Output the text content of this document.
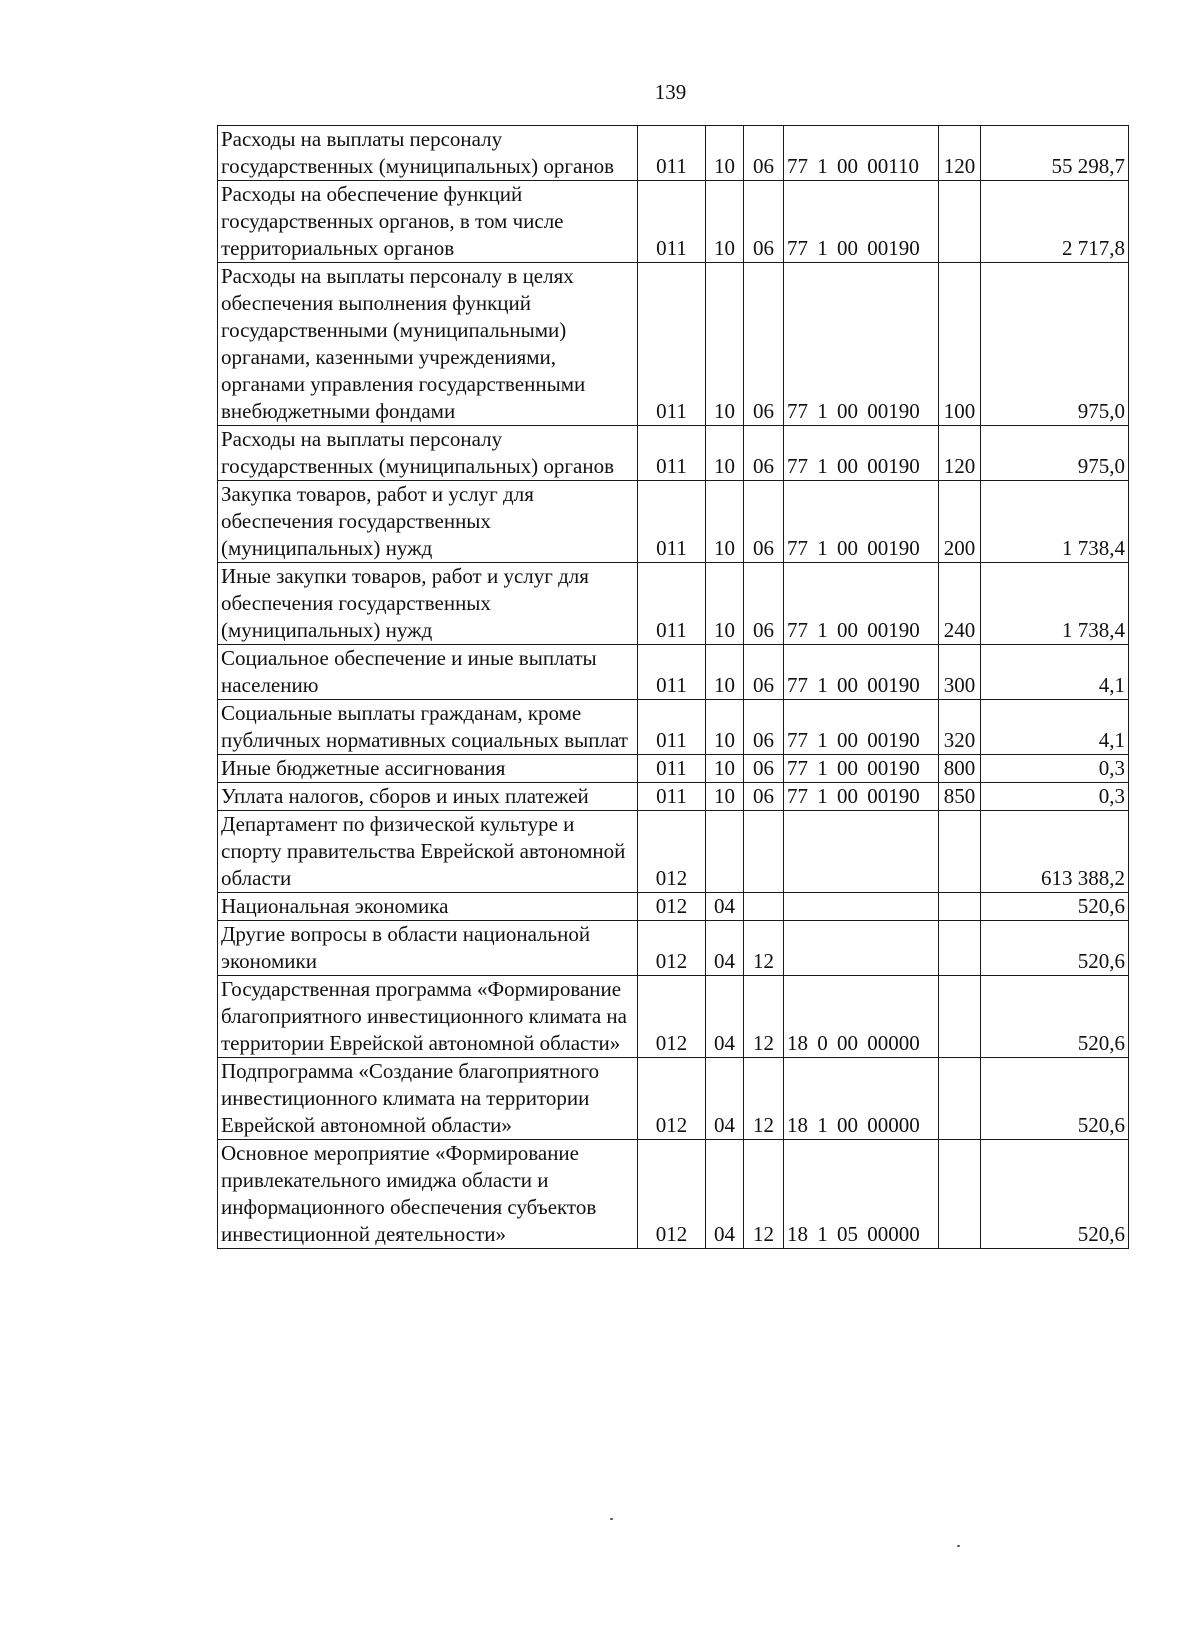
139
Расходы на выплаты персоналу государственных (муниципальных) органов	011	10	06	77 1 00 00110	120	55 298,7
Расходы на обеспечение функций государственных органов, в том числе территориальных органов	011	10	06	77 1 00 00190		2 717,8
Расходы на выплаты персоналу в целях обеспечения выполнения функций государственными (муниципальными) органами, казенными учреждениями, органами управления государственными внебюджетными фондами	011	10	06	77 1 00 00190	100	975,0
Расходы на выплаты персоналу государственных (муниципальных) органов	011	10	06	77 1 00 00190	120	975,0
Закупка товаров, работ и услуг для обеспечения государственных (муниципальных) нужд	011	10	06	77 1 00 00190	200	1 738,4
Иные закупки товаров, работ и услуг для обеспечения государственных (муниципальных) нужд	011	10	06	77 1 00 00190	240	1 738,4
Социальное обеспечение и иные выплаты населению	011	10	06	77 1 00 00190	300	4,1
Социальные выплаты гражданам, кроме публичных нормативных социальных выплат	011	10	06	77 1 00 00190	320	4,1
Иные бюджетные ассигнования	011	10	06	77 1 00 00190	800	0,3
Уплата налогов, сборов и иных платежей	011	10	06	77 1 00 00190	850	0,3
Департамент по физической культуре и спорту правительства Еврейской автономной области	012					613 388,2
Национальная экономика	012	04				520,6
Другие вопросы в области национальной экономики	012	04	12			520,6
Государственная программа «Формирование благоприятного инвестиционного климата на территории Еврейской автономной области»	012	04	12	18 0 00 00000		520,6
Подпрограмма «Создание благоприятного инвестиционного климата на территории Еврейской автономной области»	012	04	12	18 1 00 00000		520,6
Основное мероприятие «Формирование привлекательного имиджа области и информационного обеспечения субъектов инвестиционной деятельности»	012	04	12	18 1 05 00000		520,6
